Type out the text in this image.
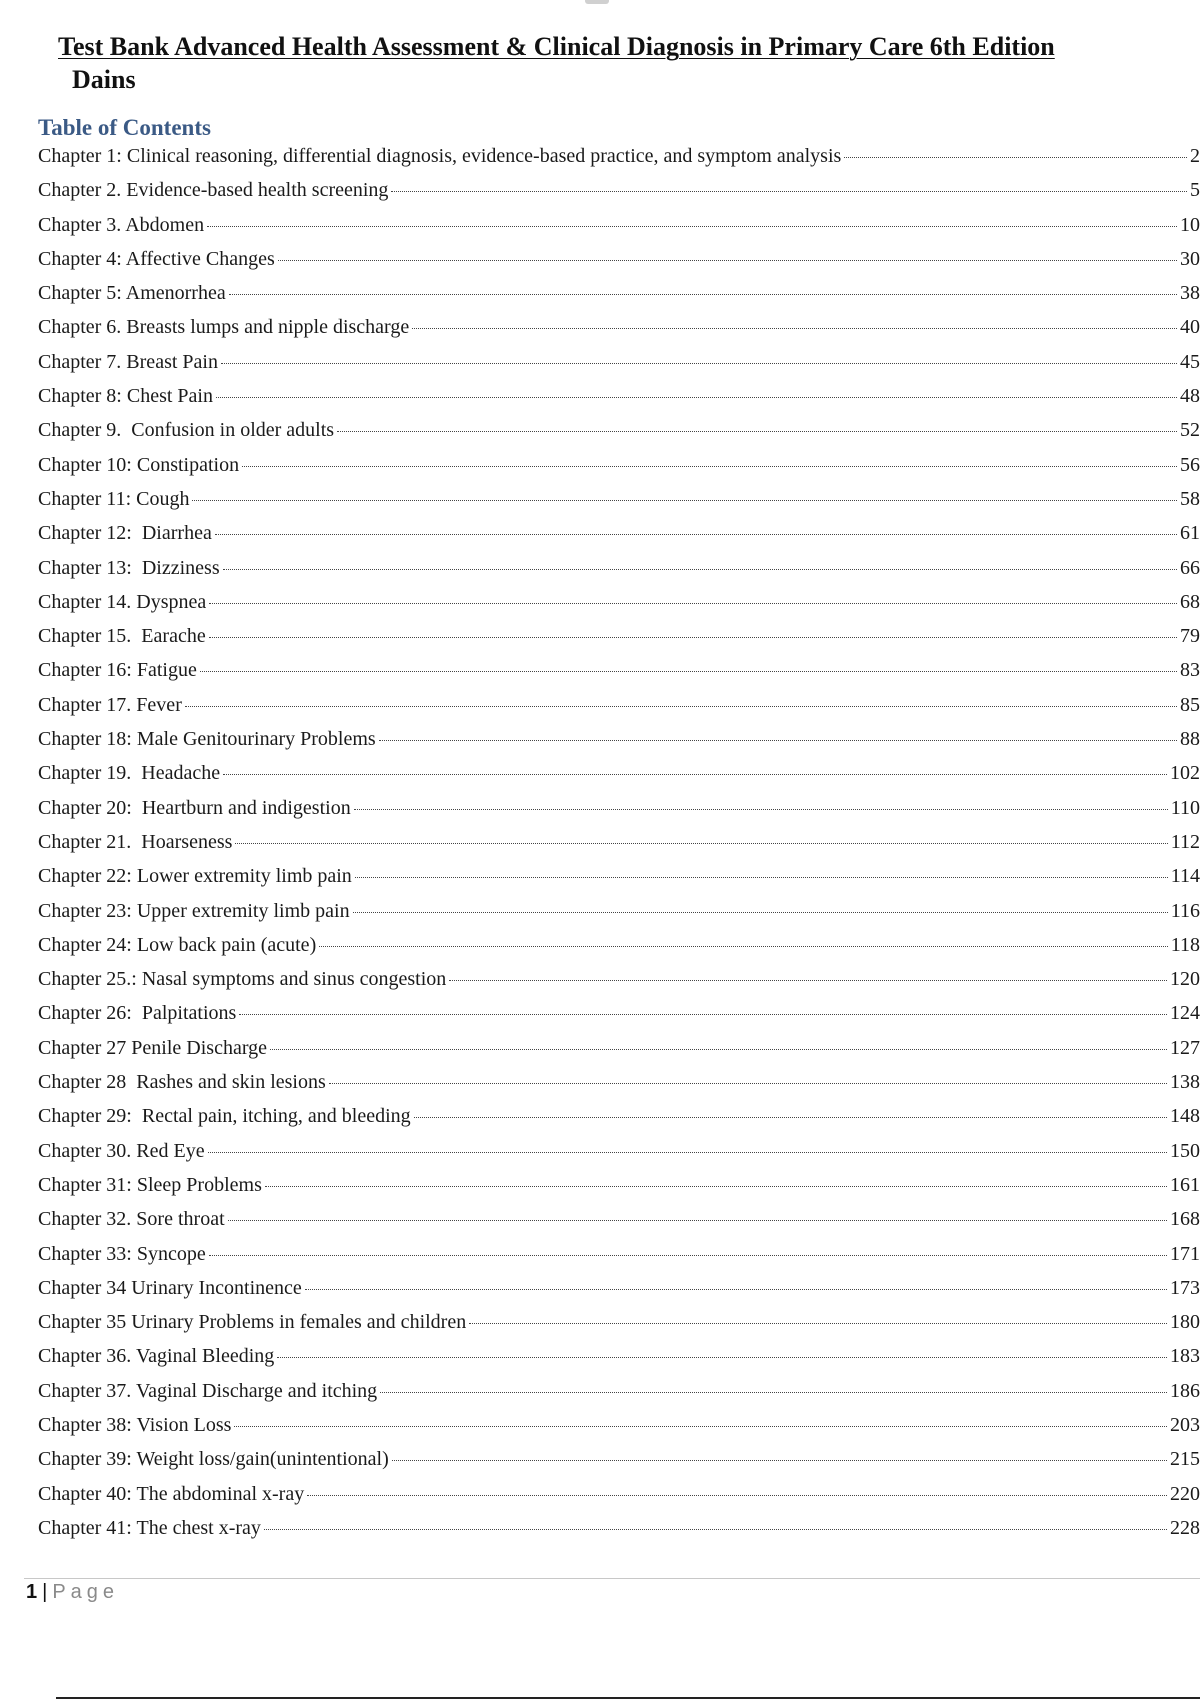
Test Bank Advanced Health Assessment & Clinical Diagnosis in Primary Care 6th Edition
Dains
Table of Contents
Chapter 1: Clinical reasoning, differential diagnosis, evidence-based practice, and symptom analysis	2
Chapter 2. Evidence-based health screening	5
Chapter 3. Abdomen	10
Chapter 4: Affective Changes	30
Chapter 5: Amenorrhea	38
Chapter 6. Breasts lumps and nipple discharge	40
Chapter 7. Breast Pain	45
Chapter 8: Chest Pain	48
Chapter 9.  Confusion in older adults	52
Chapter 10: Constipation	56
Chapter 11: Cough	58
Chapter 12:  Diarrhea	61
Chapter 13:  Dizziness	66
Chapter 14. Dyspnea	68
Chapter 15.  Earache	79
Chapter 16: Fatigue	83
Chapter 17. Fever	85
Chapter 18: Male Genitourinary Problems	88
Chapter 19.  Headache	102
Chapter 20:  Heartburn and indigestion	110
Chapter 21.  Hoarseness	112
Chapter 22: Lower extremity limb pain	114
Chapter 23: Upper extremity limb pain	116
Chapter 24: Low back pain (acute)	118
Chapter 25.: Nasal symptoms and sinus congestion	120
Chapter 26:  Palpitations	124
Chapter 27 Penile Discharge	127
Chapter 28  Rashes and skin lesions	138
Chapter 29:  Rectal pain, itching, and bleeding	148
Chapter 30. Red Eye	150
Chapter 31: Sleep Problems	161
Chapter 32. Sore throat	168
Chapter 33: Syncope	171
Chapter 34 Urinary Incontinence	173
Chapter 35 Urinary Problems in females and children	180
Chapter 36. Vaginal Bleeding	183
Chapter 37. Vaginal Discharge and itching	186
Chapter 38: Vision Loss	203
Chapter 39: Weight loss/gain(unintentional)	215
Chapter 40: The abdominal x-ray	220
Chapter 41: The chest x-ray	228
1 | Page
